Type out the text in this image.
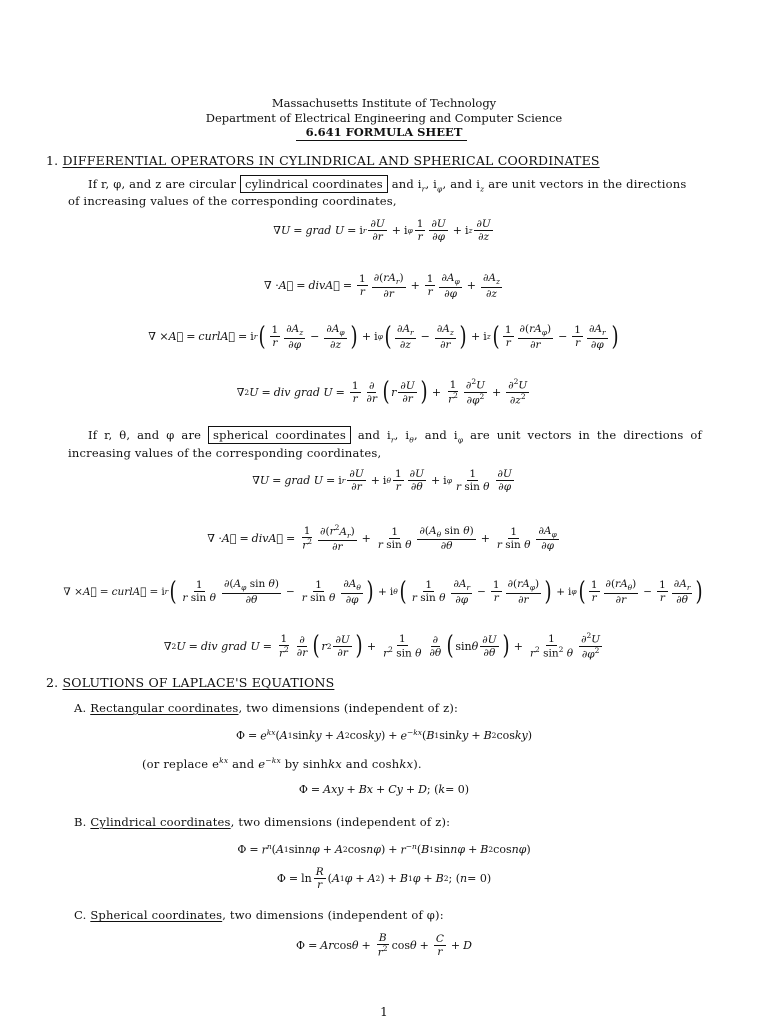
Massachusetts Institute of Technology
Department of Electrical Engineering and Computer Science
6.641 FORMULA SHEET
1. DIFFERENTIAL OPERATORS IN CYLINDRICAL AND SPHERICAL COORDINATES
If r, φ, and z are circular cylindrical coordinates and $i_r$, $i_\varphi$, and $i_z$ are unit vectors in the directions
of increasing values of the corresponding coordinates,
∇ U = grad U = i r $\frac{\partial U}{\partial r} + i$ φ $\frac{1}{r} \frac{\partial U}{\partial\varphi} + i$ z $\frac{\partial U}{\partial z}$
∇ · A⃗ = divA⃗ = $\frac{1}{r} \frac{\partial(rA_r)}{\partial r} + \frac{1}{r} \frac{\partial A_\varphi}{\partial\varphi} + \frac{\partial A_z}{\partial z}$
∇ × A⃗ = curlA⃗ = i r ( $\frac{1}{r} \frac{\partial A_z}{\partial\varphi} - \frac{\partial A_\varphi}{\partial z}$ ) + i φ ( $\frac{\partial A_r}{\partial z} - \frac{\partial A_z}{\partial r}$ ) + i z ( $\frac{1}{r} \frac{\partial(rA_\varphi)}{\partial r} - \frac{1}{r} \frac{\partial A_r}{\partial\varphi}$ )
∇ 2 U = div grad $U = \frac{1}{r} \frac{\partial}{\partial r}$ ( r $\frac{\partial U}{\partial r}$ ) + $\frac{1}{r^2} \frac{\partial^2U}{\partial\varphi^2} + \frac{\partial^2U}{\partial z^2}$
If r, θ, and φ are spherical coordinates and $i_r$, $i_\theta$, and $i_\varphi$ are unit vectors in the directions of
increasing values of the corresponding coordinates,
∇ U = grad U = i r $\frac{\partial U}{\partial r} + i$ θ $\frac{1}{r} \frac{\partial U}{\partial\theta} + i$ φ $\frac{1}{\text{r sin θ}} \frac{\partial U}{\partial\varphi}$
∇ · A⃗ = divA⃗ = $\frac{1}{r^2} \frac{\partial(r^2A_r)}{\partial r} + \frac{1}{\text{r sin θ}} \frac{\partial(A_\theta \sin \theta)}{\partial\theta} + \frac{1}{\text{r sin θ}} \frac{\partial A_\varphi}{\partial\varphi}$
∇ × A⃗ = curlA⃗ = i r ( $\frac{1}{\text{r sin θ}} \frac{\partial(A_\varphi \sin \theta)}{\partial\theta} - \frac{1}{\text{r sin θ}} \frac{\partial A_\theta}{\partial\varphi}$ ) + i θ ( $\frac{1}{\text{r sin θ}} \frac{\partial A_r}{\partial\varphi} - \frac{1}{r} \frac{\partial(rA_\varphi)}{\partial r}$ ) + i φ ( $\frac{1}{r} \frac{\partial(rA_\theta)}{\partial r} - \frac{1}{r} \frac{\partial A_r}{\partial\theta}$ )
∇ 2 U = div grad $U = \frac{1}{r^2} \frac{\partial}{\partial r}$ ( r $2 \frac{\partial U}{\partial r}$ ) + $\frac{1}{r^2 \sin \theta} \frac{\partial}{\partial\theta}$ ( sin θ $\frac{\partial U}{\partial\theta}$ ) + $\frac{1}{r^2 \sin^2 \theta} \frac{\partial^2U}{\partial\varphi^2}$
2. SOLUTIONS OF LAPLACE'S EQUATIONS
A. Rectangular coordinates, two dimensions (independent of z):
$\Phi = e^{kx}$ ( A 1 sin ky + A 2 cos ky ) + $e^{-kx}$ ( B 1 sin ky + B 2 cos ky )
(or replace $e^{kx}$ and $e^{-kx}$ by sinhkx and coshkx).
Φ = Axy + Bx + Cy + D ; ( k = 0)
B. Cylindrical coordinates, two dimensions (independent of z):
$\Phi = r^n$ ( A 1 sin nφ + A 2 cos nφ ) + $r^{-n}$ ( B 1 sin nφ + B 2 cos nφ )
$\Phi = \ln \frac{R}{r}$ ( A 1 φ + A 2 ) + B 1 φ + B 2 ; ( n = 0)
C. Spherical coordinates, two dimensions (independent of φ):
Φ = Ar $\cos \theta + \frac{B}{r^2}$ $\cos \theta + \frac{C}{r} + D$
1
